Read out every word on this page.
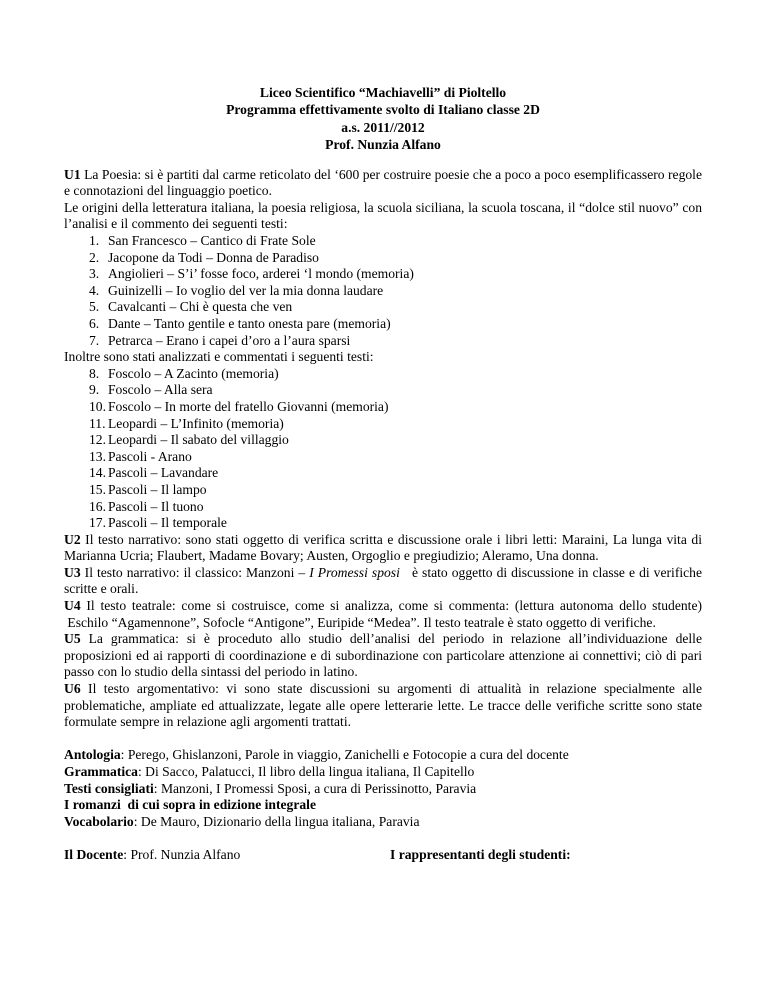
Liceo Scientifico “Machiavelli” di Pioltello
Programma effettivamente svolto di Italiano classe 2D
a.s. 2011//2012
Prof. Nunzia Alfano

U1 La Poesia: si è partiti dal carme reticolato del ‘600 per costruire poesie che a poco a poco esemplificassero regole e connotazioni del linguaggio poetico.

Le origini della letteratura italiana, la poesia religiosa, la scuola siciliana, la scuola toscana, il “dolce stil nuovo” con l’analisi e il commento dei seguenti testi:

1. San Francesco – Cantico di Frate Sole
2. Jacopone da Todi – Donna de Paradiso
3. Angiolieri – S’i’ fosse foco, arderei ‘l mondo (memoria)
4. Guinizelli – Io voglio del ver la mia donna laudare
5. Cavalcanti – Chi è questa che ven
6. Dante – Tanto gentile e tanto onesta pare (memoria)
7. Petrarca – Erano i capei d’oro a l’aura sparsi

Inoltre sono stati analizzati e commentati i seguenti testi:

8. Foscolo – A Zacinto (memoria)
9. Foscolo – Alla sera
10. Foscolo – In morte del fratello Giovanni (memoria)
11. Leopardi – L’Infinito (memoria)
12. Leopardi – Il sabato del villaggio
13. Pascoli - Arano
14. Pascoli – Lavandare
15. Pascoli – Il lampo
16. Pascoli – Il tuono
17. Pascoli – Il temporale

U2 Il testo narrativo: sono stati oggetto di verifica scritta e discussione orale i libri letti: Maraini, La lunga vita di Marianna Ucria; Flaubert, Madame Bovary; Austen, Orgoglio e pregiudizio; Aleramo, Una donna.

U3 Il testo narrativo: il classico: Manzoni – I Promessi sposi   è stato oggetto di discussione in classe e di verifiche scritte e orali.

U4 Il testo teatrale: come si costruisce, come si analizza, come si commenta: (lettura autonoma dello studente)  Eschilo “Agamennone”, Sofocle “Antigone”, Euripide “Medea”. Il testo teatrale è stato oggetto di verifiche.

U5 La grammatica: si è proceduto allo studio dell’analisi del periodo in relazione all’individuazione delle proposizioni ed ai rapporti di coordinazione e di subordinazione con particolare attenzione ai connettivi; ciò di pari passo con lo studio della sintassi del periodo in latino.

U6 Il testo argomentativo: vi sono state discussioni su argomenti di attualità in relazione specialmente alle problematiche, ampliate ed attualizzate, legate alle opere letterarie lette. Le tracce delle verifiche scritte sono state formulate sempre in relazione agli argomenti trattati.

Antologia: Perego, Ghislanzoni, Parole in viaggio, Zanichelli e Fotocopie a cura del docente

Grammatica: Di Sacco, Palatucci, Il libro della lingua italiana, Il Capitello

Testi consigliati: Manzoni, I Promessi Sposi, a cura di Perissinotto, Paravia

I romanzi  di cui sopra in edizione integrale

Vocabolario: De Mauro, Dizionario della lingua italiana, Paravia

Il Docente: Prof. Nunzia Alfano	I rappresentanti degli studenti:
